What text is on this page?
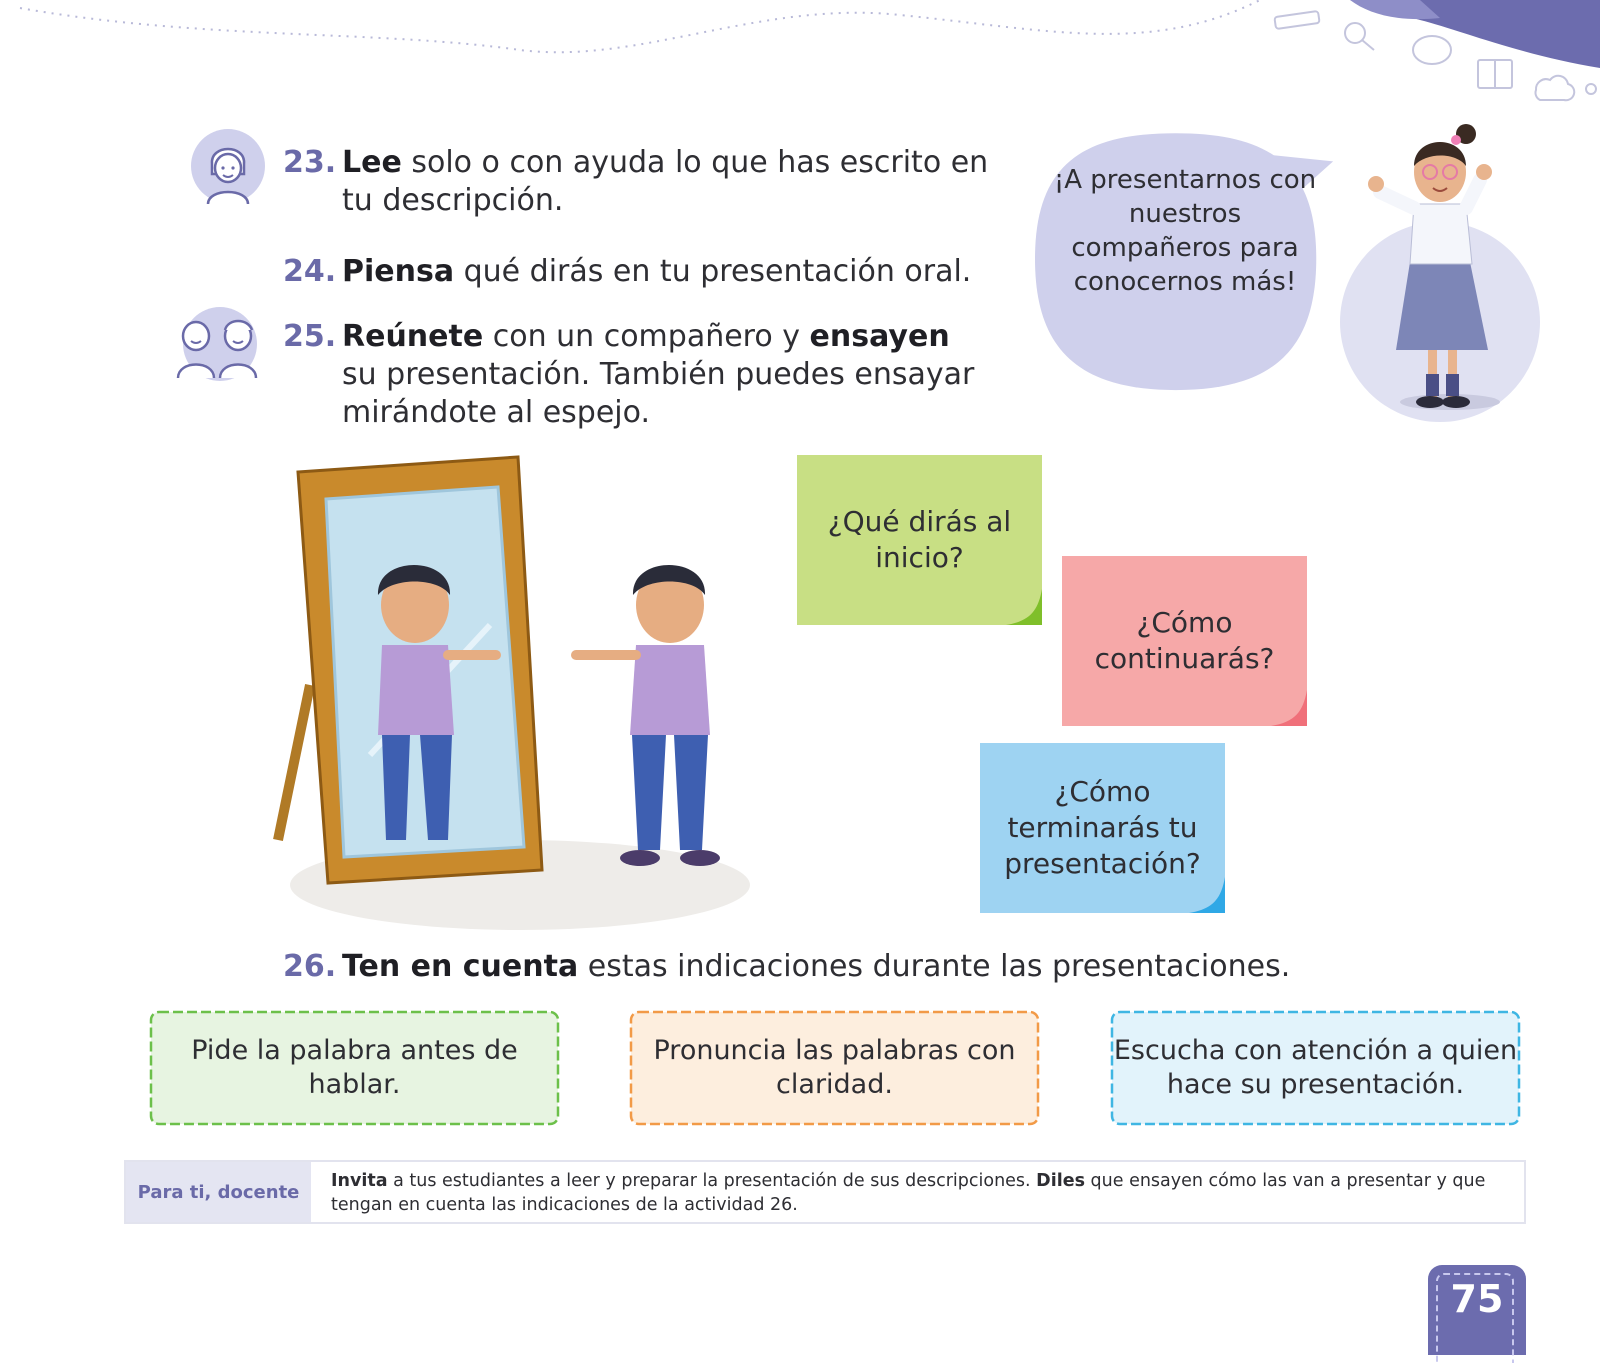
23. Lee solo o con ayuda lo que has escrito en
tu descripción.
24. Piensa qué dirás en tu presentación oral.
25. Reúnete con un compañero y ensayen
su presentación. También puedes ensayar
mirándote al espejo.
¡A presentarnos con nuestros compañeros para conocernos más!
¿Qué dirás al inicio?
¿Cómo continuarás?
¿Cómo terminarás tu presentación?
26. Ten en cuenta estas indicaciones durante las presentaciones.
Pide la palabra antes de hablar.
Pronuncia las palabras con claridad.
Escucha con atención a quien hace su presentación.
Para ti, docente
Invita a tus estudiantes a leer y preparar la presentación de sus descripciones. Diles que ensayen cómo las van a presentar y que tengan en cuenta las indicaciones de la actividad 26.
75
